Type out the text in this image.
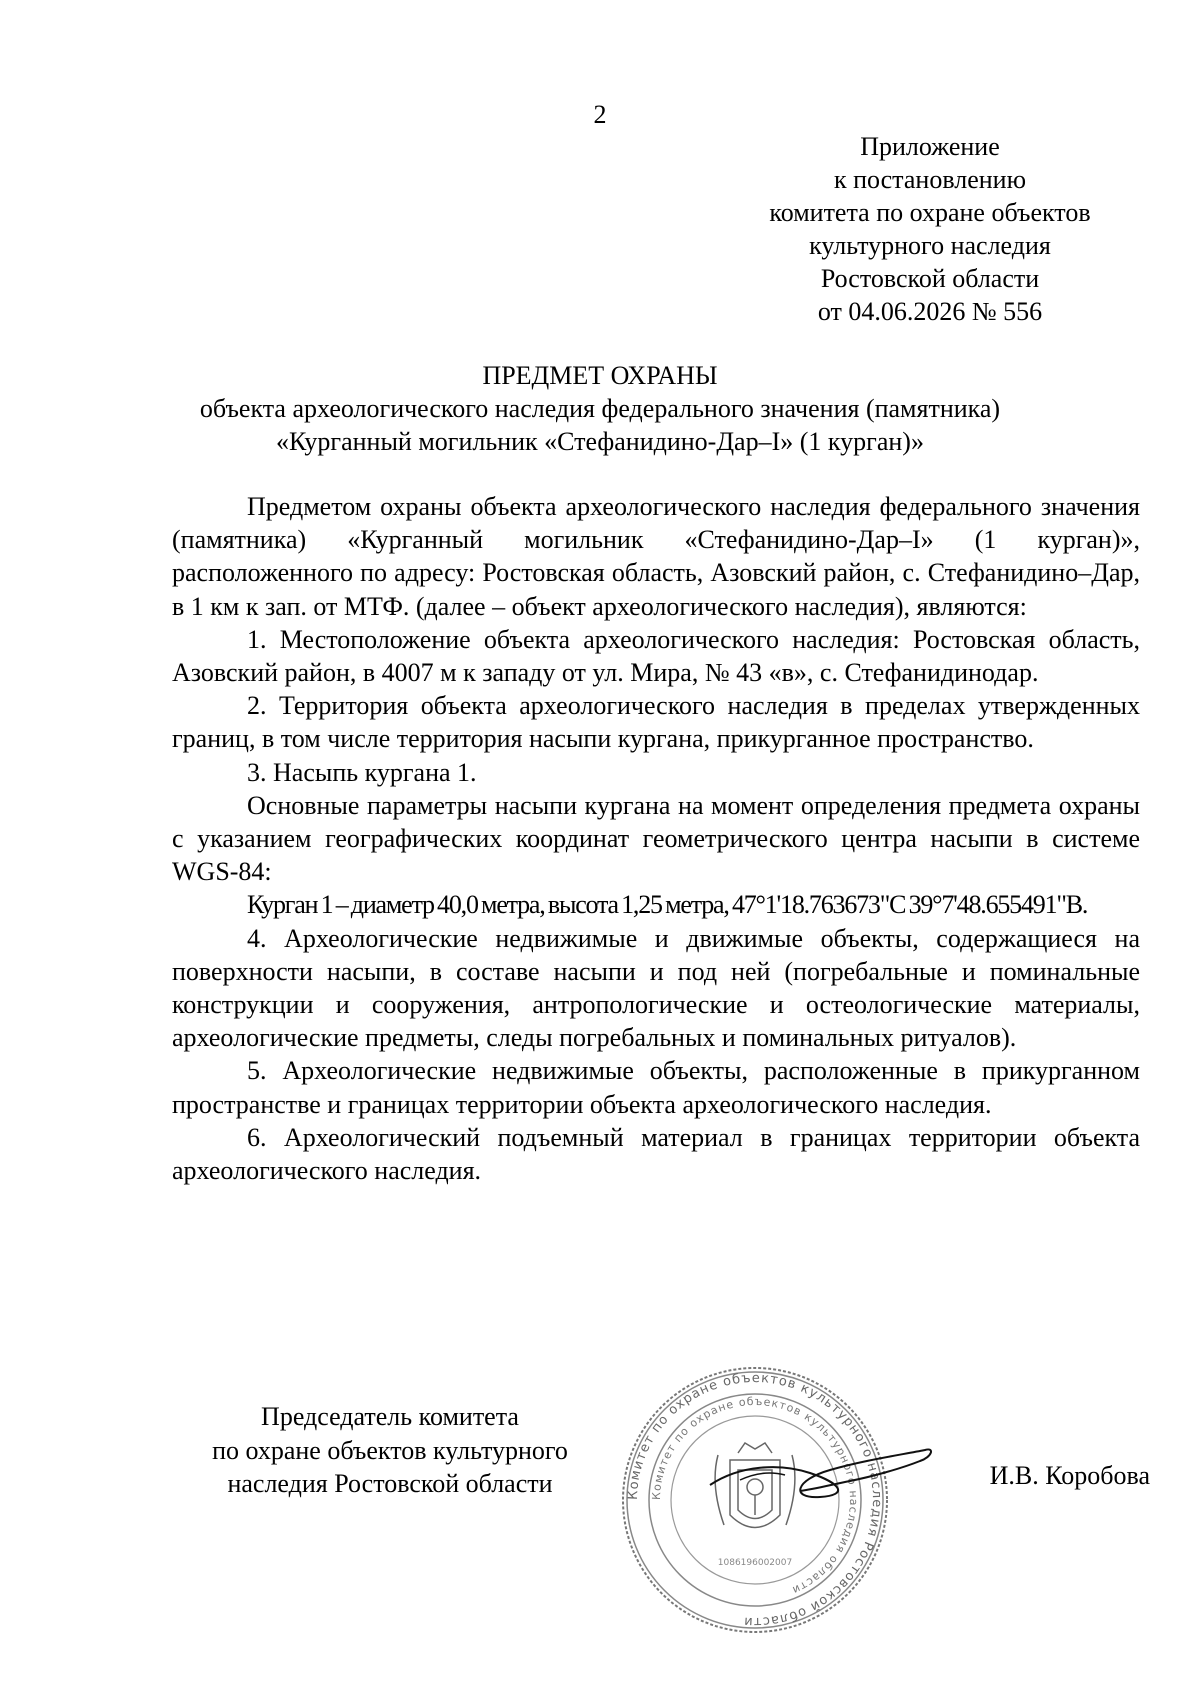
2
Приложение
к постановлению
комитета по охране объектов
культурного наследия
Ростовской области
от 04.06.2026 № 556
ПРЕДМЕТ ОХРАНЫ
объекта археологического наследия федерального значения (памятника)
«Курганный могильник «Стефанидино-Дар–I» (1 курган)»

Предметом охраны объекта археологического наследия федерального значения (памятника) «Курганный могильник «Стефанидино-Дар–I» (1 курган)», расположенного по адресу: Ростовская область, Азовский район, с. Стефанидино–Дар, в 1 км к зап. от МТФ. (далее – объект археологического наследия), являются:

1. Местоположение объекта археологического наследия: Ростовская область, Азовский район, в 4007 м к западу от ул. Мира, № 43 «в», с. Стефанидинодар.

2. Территория объекта археологического наследия в пределах утвержденных границ, в том числе территория насыпи кургана, прикурганное пространство.

3. Насыпь кургана 1.

Основные параметры насыпи кургана на момент определения предмета охраны с указанием географических координат геометрического центра насыпи в системе WGS-84:

Курган 1 – диаметр 40,0 метра, высота 1,25 метра, 47°1'18.763673"С 39°7'48.655491"В.

4. Археологические недвижимые и движимые объекты, содержащиеся на поверхности насыпи, в составе насыпи и под ней (погребальные и поминальные конструкции и сооружения, антропологические и остеологические материалы, археологические предметы, следы погребальных и поминальных ритуалов).

5. Археологические недвижимые объекты, расположенные в прикурганном пространстве и границах территории объекта археологического наследия.

6. Археологический подъемный материал в границах территории объекта археологического наследия.

Председатель комитета
по охране объектов культурного
наследия Ростовской области	Комитет по охране объектов культурного наследия Ростовской области
Комитет по охране объектов культурного наследия области
1086196002007
И.В. Коробова
